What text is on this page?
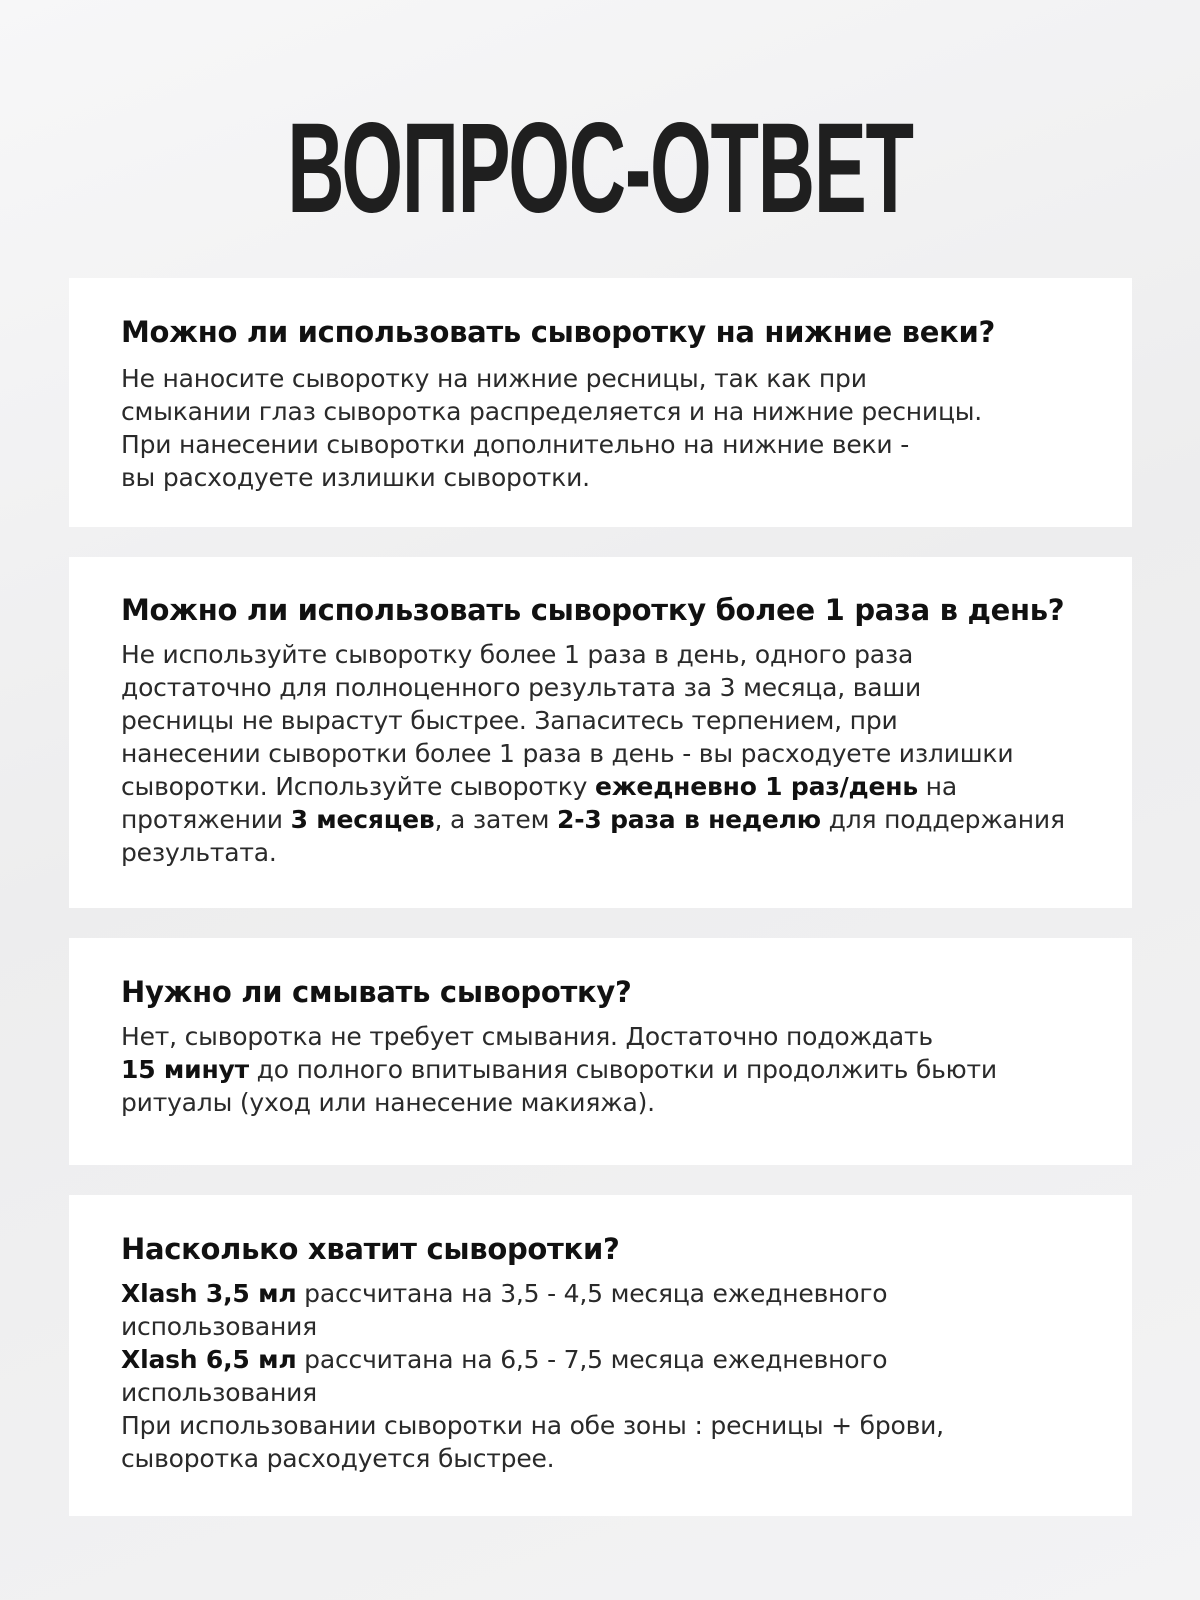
ВОПРОС-ОТВЕТ
Можно ли использовать сыворотку на нижние веки?
Не наносите сыворотку на нижние ресницы, так как при
смыкании глаз сыворотка распределяется и на нижние ресницы.
При нанесении сыворотки дополнительно на нижние веки -
вы расходуете излишки сыворотки.
Можно ли использовать сыворотку более 1 раза в день?
Не используйте сыворотку более 1 раза в день, одного раза
достаточно для полноценного результата за 3 месяца, ваши
ресницы не вырастут быстрее. Запаситесь терпением, при
нанесении сыворотки более 1 раза в день - вы расходуете излишки
сыворотки. Используйте сыворотку ежедневно 1 раз/день на
протяжении 3 месяцев, а затем 2-3 раза в неделю для поддержания
результата.
Нужно ли смывать сыворотку?
Нет, сыворотка не требует смывания. Достаточно подождать
15 минут до полного впитывания сыворотки и продолжить бьюти
ритуалы (уход или нанесение макияжа).
Насколько хватит сыворотки?
Xlash 3,5 мл рассчитана на 3,5 - 4,5 месяца ежедневного
использования
Xlash 6,5 мл рассчитана на 6,5 - 7,5 месяца ежедневного
использования
При использовании сыворотки на обе зоны : ресницы + брови,
сыворотка расходуется быстрее.
